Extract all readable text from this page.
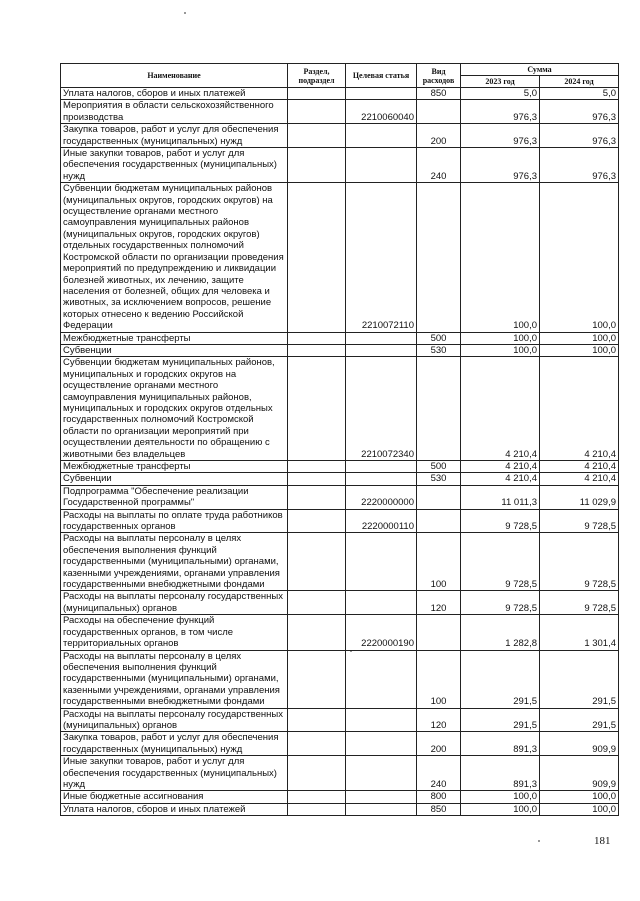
Наименование	Раздел, подраздел	Целевая статья	Вид расходов	Сумма	
				2023 год	2024 год
Уплата налогов, сборов и иных платежей			850	5,0	5,0
Мероприятия в области сельскохозяйственного производства		2210060040		976,3	976,3
Закупка товаров, работ и услуг для обеспечения государственных (муниципальных) нужд			200	976,3	976,3
Иные закупки товаров, работ и услуг для обеспечения государственных (муниципальных) нужд			240	976,3	976,3
Субвенции бюджетам муниципальных районов (муниципальных округов, городских округов) на осуществление органами местного самоуправления муниципальных районов (муниципальных округов, городских округов) отдельных государственных полномочий Костромской области по организации проведения мероприятий по предупреждению и ликвидации болезней животных, их лечению, защите населения от болезней, общих для человека и животных, за исключением вопросов, решение которых отнесено к ведению Российской Федерации		2210072110		100,0	100,0
Межбюджетные трансферты			500	100,0	100,0
Субвенции			530	100,0	100,0
Субвенции бюджетам муниципальных районов, муниципальных и городских округов на осуществление органами местного самоуправления муниципальных районов, муниципальных и городских округов отдельных государственных полномочий Костромской области по организации мероприятий при осуществлении деятельности по обращению с животными без владельцев		2210072340		4 210,4	4 210,4
Межбюджетные трансферты			500	4 210,4	4 210,4
Субвенции			530	4 210,4	4 210,4
Подпрограмма "Обеспечение реализации Государственной программы"		2220000000		11 011,3	11 029,9
Расходы на выплаты по оплате труда работников государственных органов		2220000110		9 728,5	9 728,5
Расходы на выплаты персоналу в целях обеспечения выполнения функций государственными (муниципальными) органами, казенными учреждениями, органами управления государственными внебюджетными фондами			100	9 728,5	9 728,5
Расходы на выплаты персоналу государственных (муниципальных) органов			120	9 728,5	9 728,5
Расходы на обеспечение функций государственных органов, в том числе территориальных органов		2220000190		1 282,8	1 301,4
Расходы на выплаты персоналу в целях обеспечения выполнения функций государственными (муниципальными) органами, казенными учреждениями, органами управления государственными внебюджетными фондами			100	291,5	291,5
Расходы на выплаты персоналу государственных (муниципальных) органов			120	291,5	291,5
Закупка товаров, работ и услуг для обеспечения государственных (муниципальных) нужд			200	891,3	909,9
Иные закупки товаров, работ и услуг для обеспечения государственных (муниципальных) нужд			240	891,3	909,9
Иные бюджетные ассигнования			800	100,0	100,0
Уплата налогов, сборов и иных платежей			850	100,0	100,0
181
